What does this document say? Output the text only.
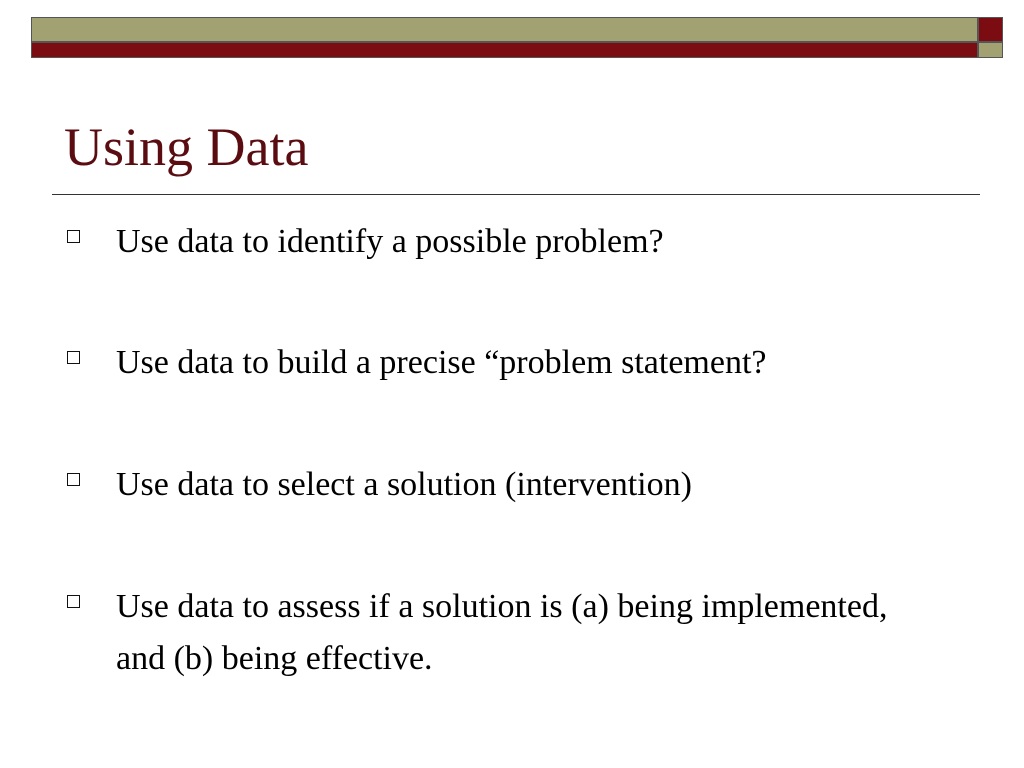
Using Data
Use data to identify a possible problem?
Use data to build a precise “problem statement?
Use data to select a solution (intervention)
Use data to assess if a solution is (a) being implemented, and (b) being effective.
